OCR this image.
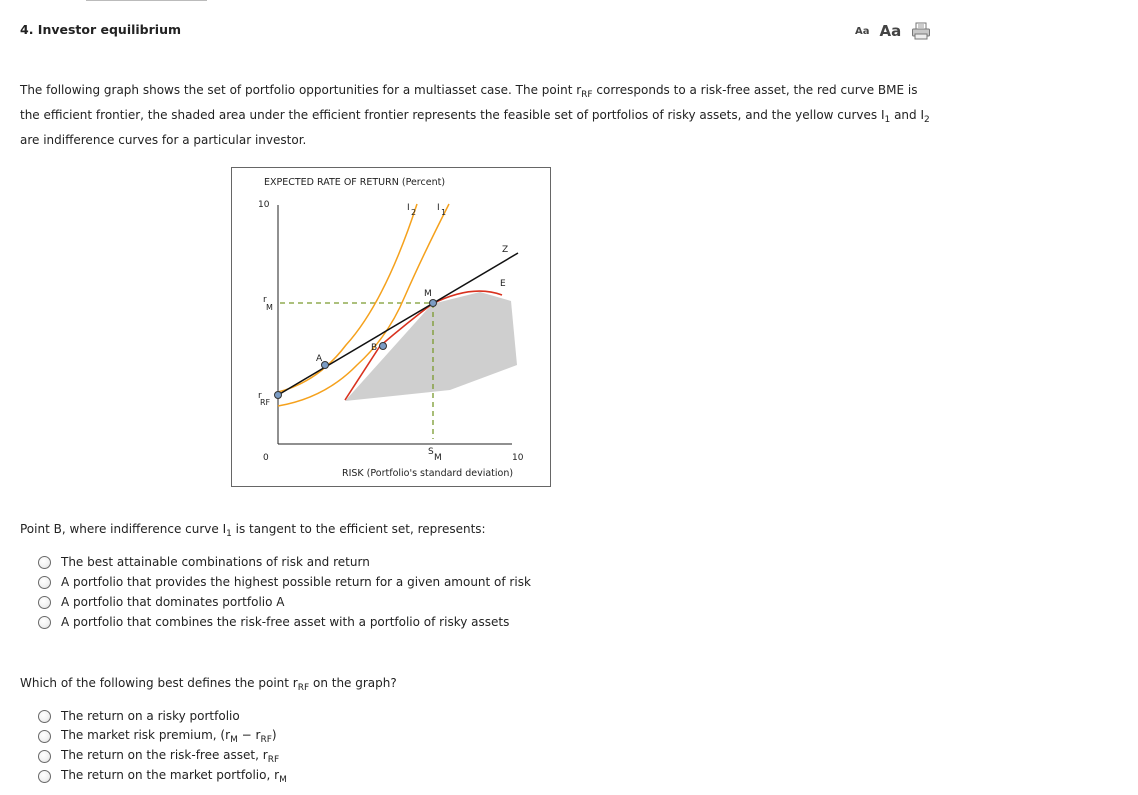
4. Investor equilibrium	Aa Aa
The following graph shows the set of portfolio opportunities for a multiasset case. The point $r_{RF}$ corresponds to a risk-free asset, the red curve BME is the efficient frontier, the shaded area under the efficient frontier represents the feasible set of portfolios of risky assets, and the yellow curves $I_1$ and $I_2$ are indifference curves for a particular investor.
EXPECTED RATE OF RETURN (Percent)
10
0	10
r
M
r
RF
S
M
I 2 I 1
A
B
M
E
Z
RISK (Portfolio's standard deviation)
Point B, where indifference curve $I_1$ is tangent to the efficient set, represents:
The best attainable combinations of risk and return
A portfolio that provides the highest possible return for a given amount of risk
A portfolio that dominates portfolio A
A portfolio that combines the risk-free asset with a portfolio of risky assets
Which of the following best defines the point $r_{RF}$ on the graph?
The return on a risky portfolio
The market risk premium, $(r_M - r_{RF})$
The return on the risk-free asset, $r_{RF}$
The return on the market portfolio, $r_M$
